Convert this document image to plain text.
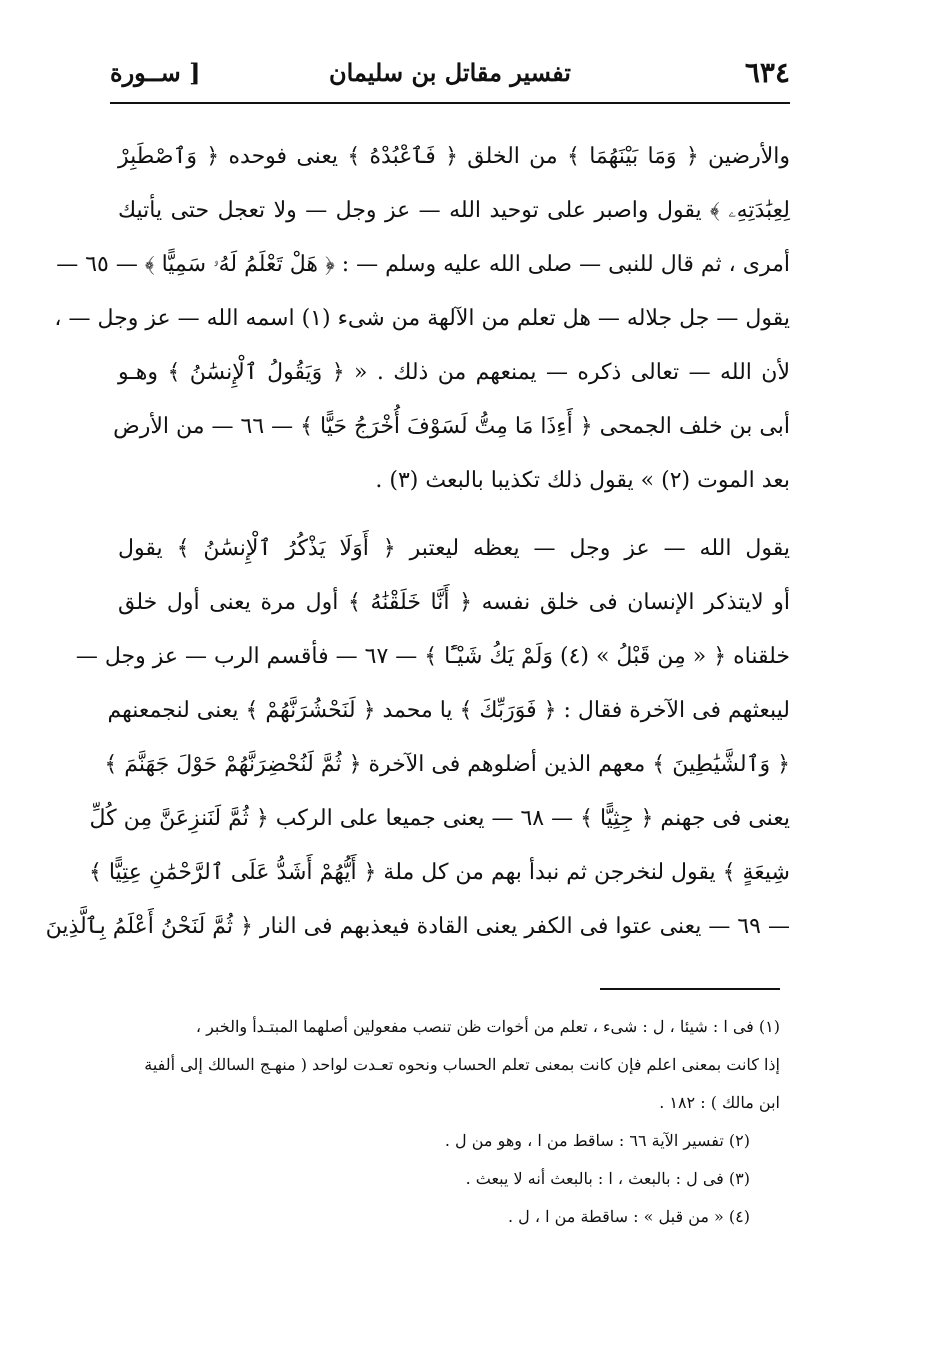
٦٣٤
تفسير مقاتل بن سليمان
[ ســورة
والأرضين ﴿ وَمَا بَيْنَهُمَا ﴾ من الخلق ﴿ فَٱعْبُدْهُ ﴾ يعنى فوحده ﴿ وَٱصْطَبِرْ
لِعِبَٰدَتِهِۦ ﴾ يقول واصبر على توحيد الله — عز وجل — ولا تعجل حتى يأتيك
أمرى ، ثم قال للنبى — صلى الله عليه وسلم — : ﴿ هَلْ تَعْلَمُ لَهُۥ سَمِيًّا ﴾ — ٦٥ —
يقول — جل جلاله — هل تعلم من الآلهة من شىء (١) اسمه الله — عز وجل — ،
لأن الله — تعالى ذكره — يمنعهم من ذلك . « ﴿ وَيَقُولُ ٱلْإِنسَٰنُ ﴾ وهـو
أبى بن خلف الجمحى ﴿ أَءِذَا مَا مِتُّ لَسَوْفَ أُخْرَجُ حَيًّا ﴾ — ٦٦ — من الأرض
بعد الموت (٢) » يقول ذلك تكذيبا بالبعث (٣) .
يقول الله — عز وجل — يعظه ليعتبر ﴿ أَوَلَا يَذْكُرُ ٱلْإِنسَٰنُ ﴾ يقول
أو لايتذكر الإنسان فى خلق نفسه ﴿ أَنَّا خَلَقْنَٰهُ ﴾ أول مرة يعنى أول خلق
خلقناه ﴿ « مِن قَبْلُ » (٤) وَلَمْ يَكُ شَيْـًٔا ﴾ — ٦٧ — فأقسم الرب — عز وجل —
ليبعثهم فى الآخرة فقال : ﴿ فَوَرَبِّكَ ﴾ يا محمد ﴿ لَنَحْشُرَنَّهُمْ ﴾ يعنى لنجمعنهم
﴿ وَٱلشَّيَٰطِينَ ﴾ معهم الذين أضلوهم فى الآخرة ﴿ ثُمَّ لَنُحْضِرَنَّهُمْ حَوْلَ جَهَنَّمَ ﴾
يعنى فى جهنم ﴿ جِثِيًّا ﴾ — ٦٨ — يعنى جميعا على الركب ﴿ ثُمَّ لَنَنزِعَنَّ مِن كُلِّ
شِيعَةٍ ﴾ يقول لنخرجن ثم نبدأ بهم من كل ملة ﴿ أَيُّهُمْ أَشَدُّ عَلَى ٱلرَّحْمَٰنِ عِتِيًّا ﴾
— ٦٩ — يعنى عتوا فى الكفر يعنى القادة فيعذبهم فى النار ﴿ ثُمَّ لَنَحْنُ أَعْلَمُ بِٱلَّذِينَ
(١) فى ا : شيئا ، ل : شىء ، تعلم من أخوات ظن تنصب مفعولين أصلهما المبتـدأ والخبر ،
إذا كانت بمعنى اعلم فإن كانت بمعنى تعلم الحساب ونحوه تعـدت لواحد ( منهـج السالك إلى ألفية
ابن مالك ) : ١٨٢ .
(٢) تفسير الآية ٦٦ : ساقط من ا ، وهو من ل .
(٣) فى ل : بالبعث ، ا : بالبعث أنه لا يبعث .
(٤) « من قبل » : ساقطة من ا ، ل .
